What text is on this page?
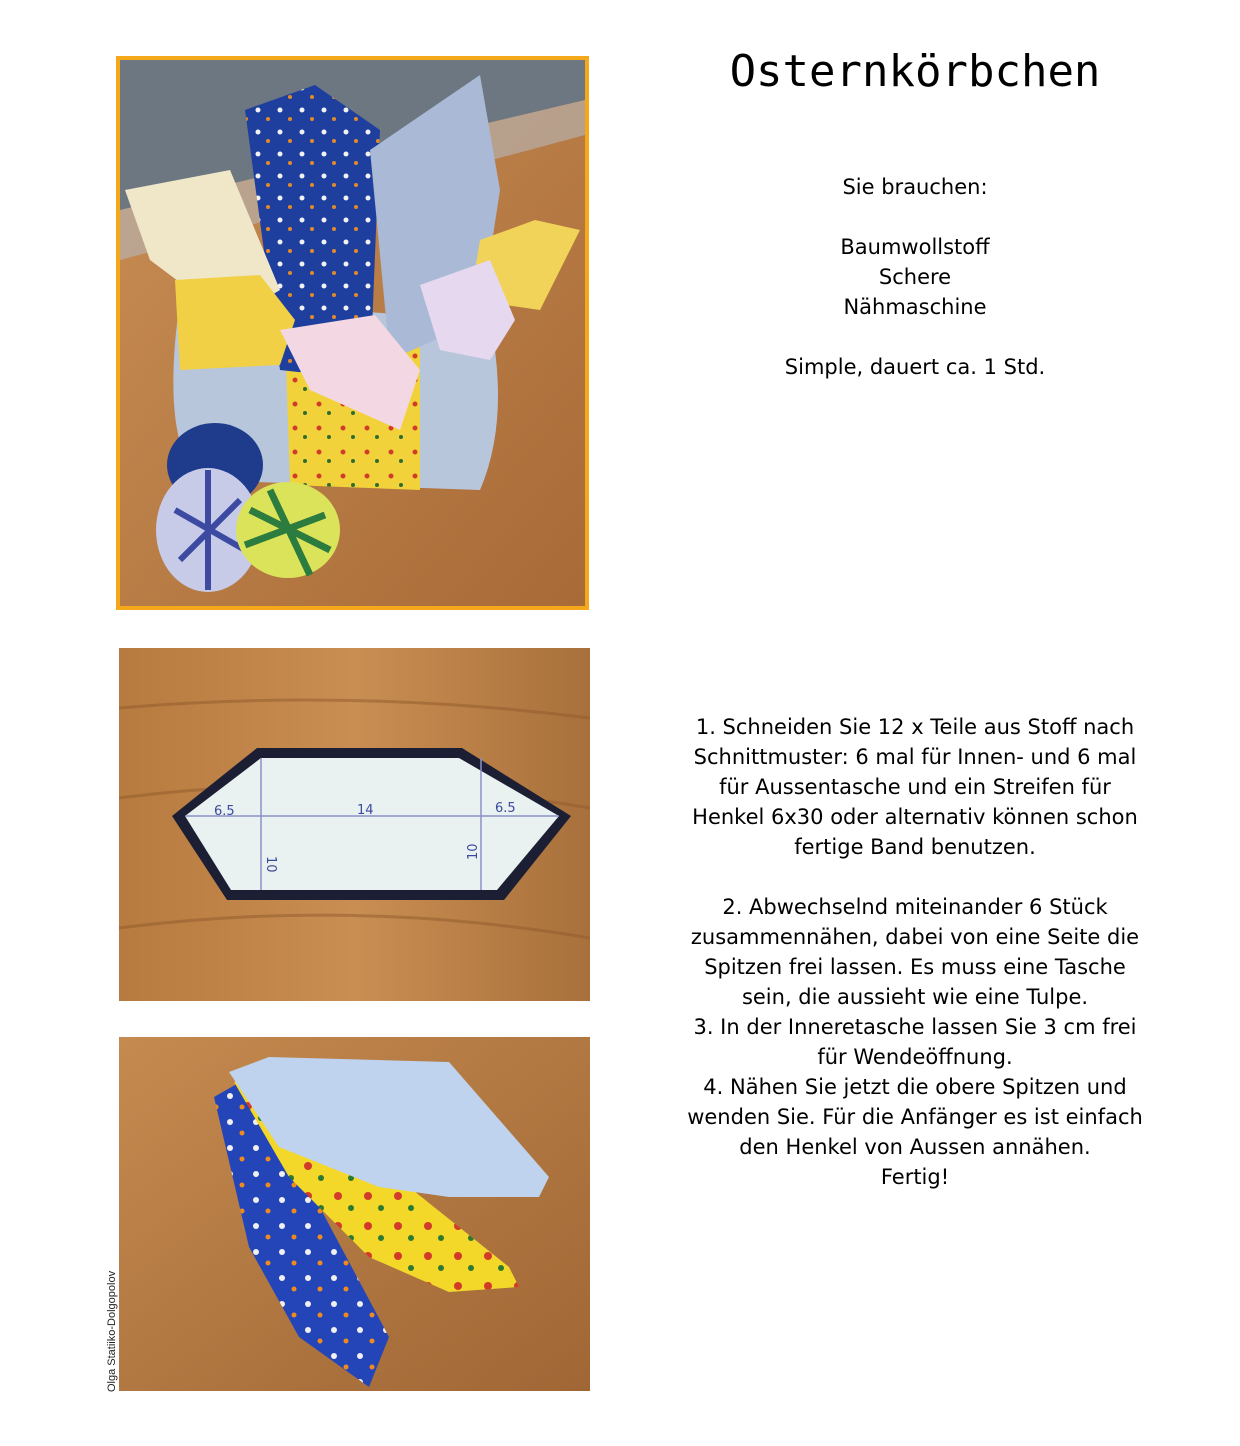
6.5	14	6.5
10
10
Olga Statiiko-Dolgopolov
Osternkörbchen

Sie brauchen:

Baumwollstoff

Schere

Nähmaschine

Simple, dauert ca. 1 Std.

1. Schneiden Sie 12 x Teile aus Stoff nach

Schnittmuster: 6 mal für Innen- und 6 mal

für Aussentasche und ein Streifen für

Henkel 6x30 oder alternativ können schon

fertige Band benutzen.

2. Abwechselnd miteinander 6 Stück

zusammennähen, dabei von eine Seite die

Spitzen frei lassen. Es muss eine Tasche

sein, die aussieht wie eine Tulpe.

3. In der Inneretasche lassen Sie 3 cm frei

für Wendeöffnung.

4. Nähen Sie jetzt die obere Spitzen und

wenden Sie. Für die Anfänger es ist einfach

den Henkel von Aussen annähen.

Fertig!
